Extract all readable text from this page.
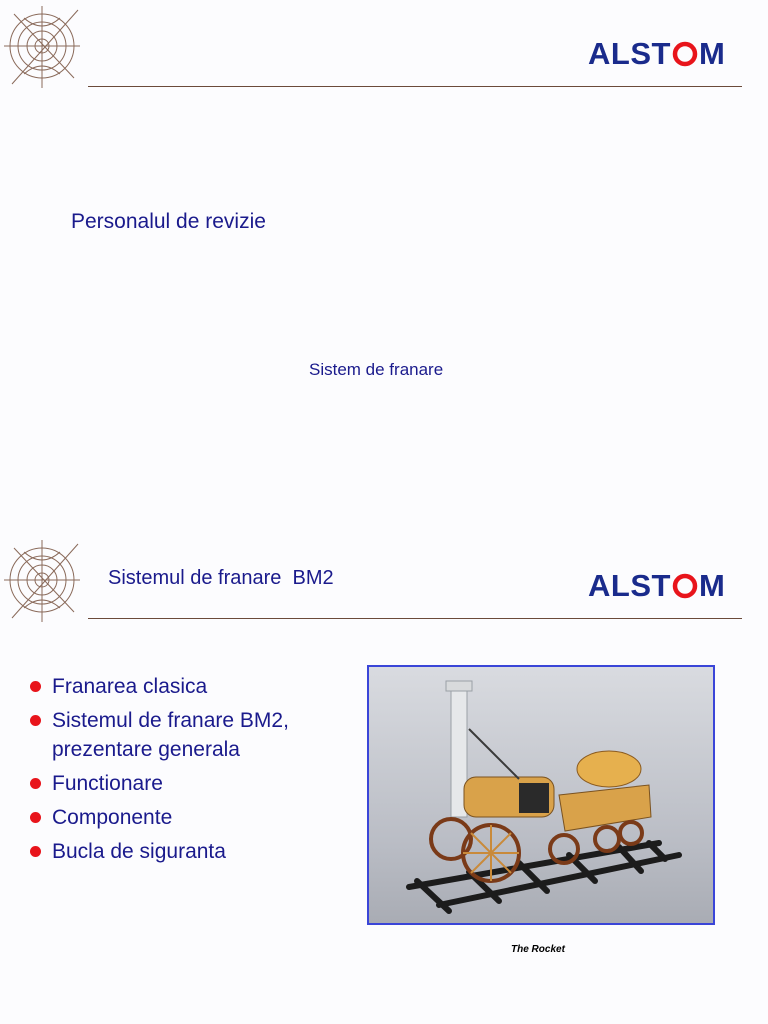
ALST M
Personalul de revizie
Sistem de franare
Sistemul de franare  BM2	ALST M
Franarea clasica
Sistemul de franare BM2, prezentare generala
Functionare
Componente
Bucla de siguranta
The Rocket
